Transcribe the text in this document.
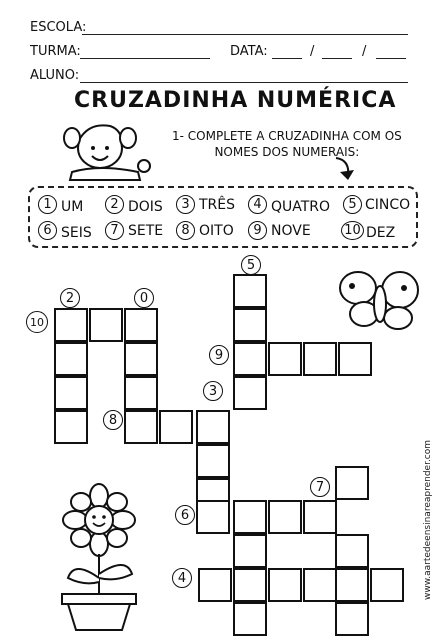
ESCOLA:
TURMA:	DATA:	/	/
ALUNO:
CRUZADINHA NUMÉRICA
1- COMPLETE A CRUZADINHA COM OS
NOMES DOS NUMERAIS:
1 UM	2 DOIS	3 TRÊS	4 QUATRO	5 CINCO
6 SEIS	7 SETE	8 OITO	9 NOVE	10 DEZ
www.aartedeensinareaprender.com
10
2	0
5
9
3
8
7
6
4
